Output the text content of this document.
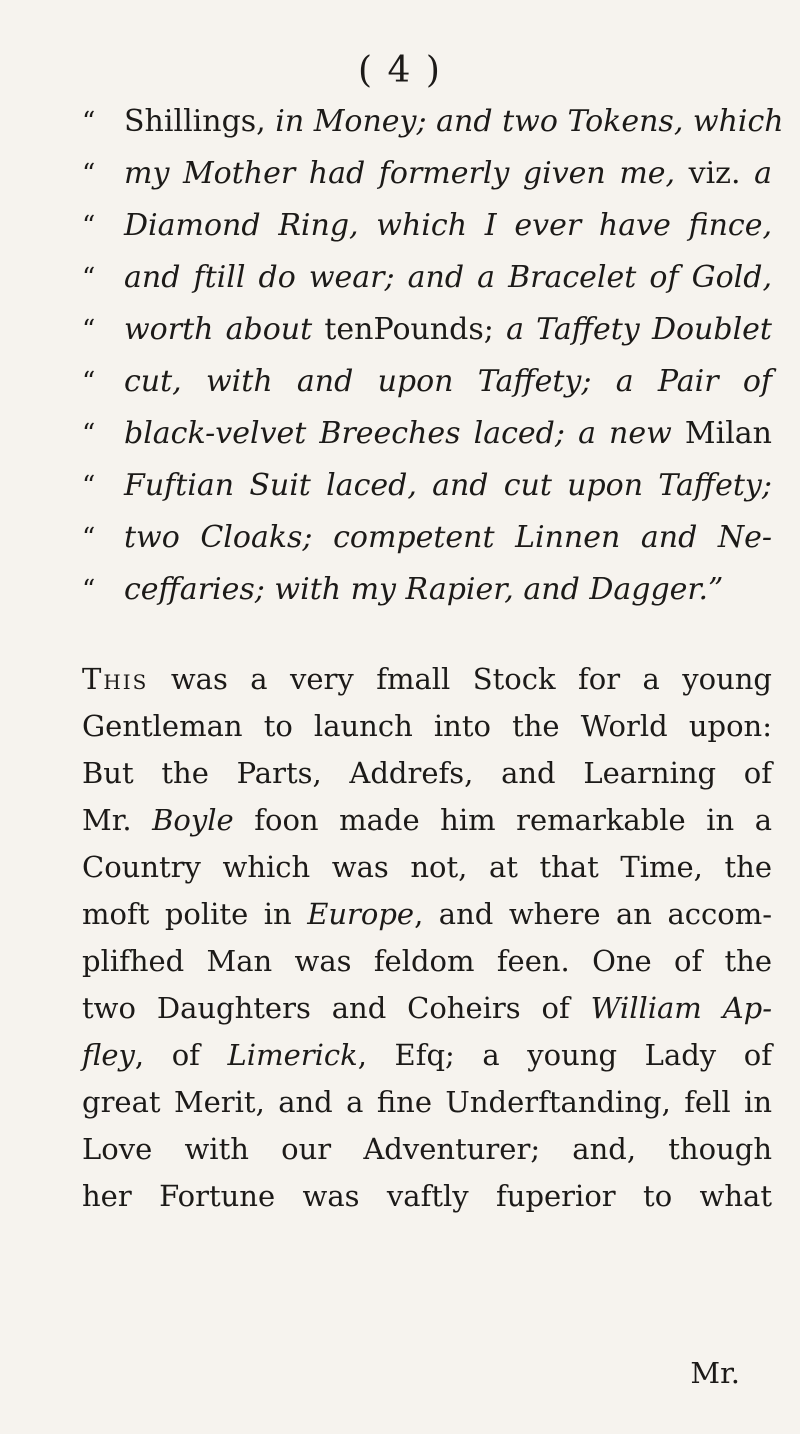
( 4 )
“ Shillings, in Money; and two Tokens, which
“ my Mother had formerly given me, viz. a
“ Diamond Ring, which I ever have fince,
“ and ftill do wear; and a Bracelet of Gold,
“ worth about tenPounds; a Taffety Doublet
“ cut, with and upon Taffety; a Pair of
“ black-velvet Breeches laced; a new Milan
“ Fuftian Suit laced, and cut upon Taffety;
“ two Cloaks; competent Linnen and Ne-
“ ceffaries; with my Rapier, and Dagger.”
This was a very fmall Stock for a young
Gentleman to launch into the World upon:
But the Parts, Addrefs, and Learning of
Mr. Boyle foon made him remarkable in a
Country which was not, at that Time, the
moft polite in Europe, and where an accom-
plifhed Man was feldom feen. One of the
two Daughters and Coheirs of William Ap-
fley, of Limerick, Efq; a young Lady of
great Merit, and a fine Underftanding, fell in
Love with our Adventurer; and, though
her Fortune was vaftly fuperior to what
Mr.
